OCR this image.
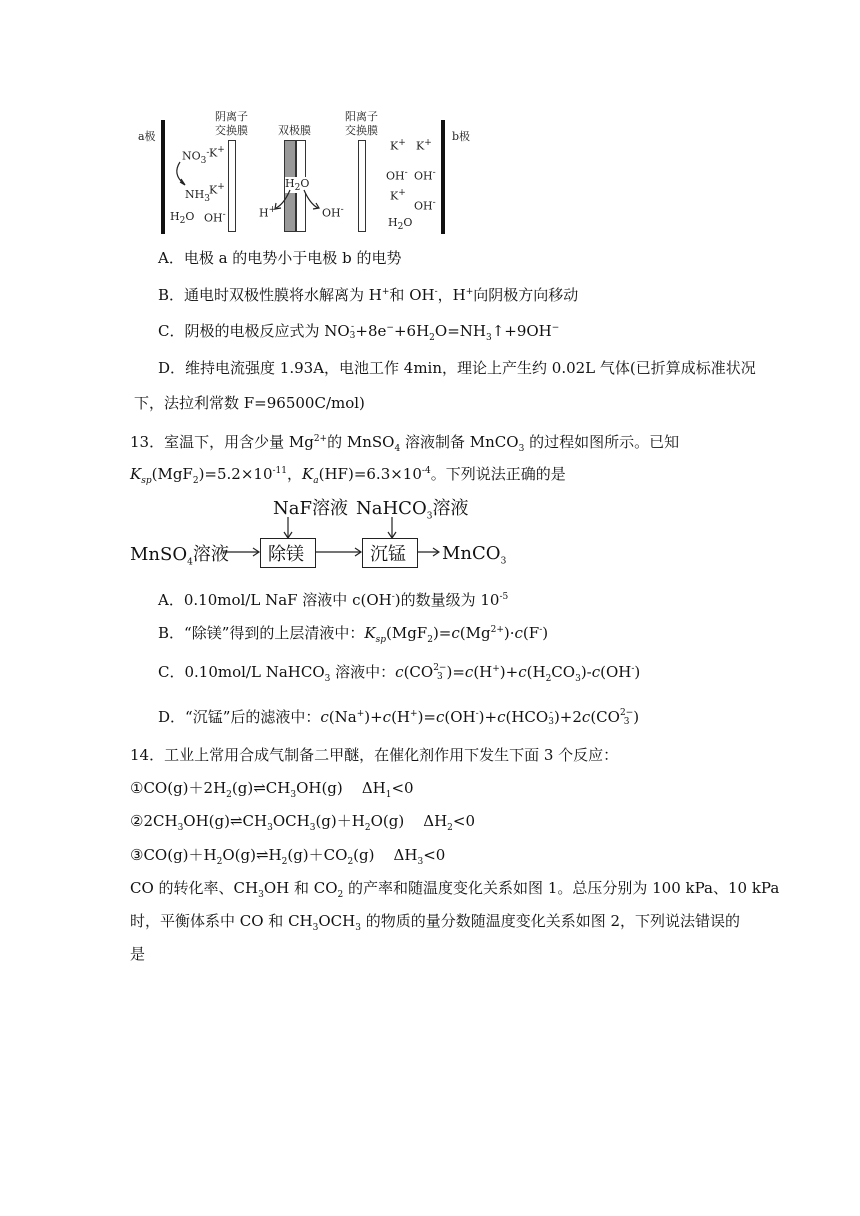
a极	b极
阴离子
交换膜	双极膜
阳离子
交换膜
$NO_3^-$ K+
$NH_3$
K+
$H_2O$ OH-
$H_2O$
H+	OH-
K+ K+
OH- OH-
K+
OH-
$H_2O$
A．电极 a 的电势小于电极 b 的电势
B．通电时双极性膜将水解离为 H+和 OH-，H+向阴极方向移动
C．阴极的电极反应式为 NO-
$3+8e^-+6H_2O=NH_3↑+9OH^-$
D．维持电流强度 1.93A，电池工作 4min，理论上产生约 0.02L 气体(已折算成标准状况
下，法拉利常数 F=96500C/mol)
13．室温下，用含少量 $Mg^{2+}$的 MnSO$_4$ 溶液制备 MnCO$_3$ 的过程如图所示。已知
$K_{sp}(MgF_2)=5.2\times 10^{-11}$，$K_a(HF)=6.3\times 10^{-4}$。下列说法正确的是
NaF溶液 NaHCO$_3$溶液
MnSO$_4$溶液 除镁	沉锰 MnCO$_3$
A．0.10mol/L NaF 溶液中 c(OH-)的数量级为 $10^{-5}$
B．“除镁”得到的上层清液中：$K_{sp}(MgF_2)=c(Mg^{2+})\cdot c(F^-)$
C．0.10mol/L NaHCO$_3$ 溶液中：c(CO2−
3 )$=c(H^+)+c(H_2CO_3)-c(OH^-)$
D．“沉锰”后的滤液中：c(Na+)+c(H+)=c(OH-)+c(HCO-
3)+2c(CO2−
3 )
14．工业上常用合成气制备二甲醚，在催化剂作用下发生下面 3 个反应：
$①CO(g)+2H_2(g)\rightleftharpoons CH_3OH(g)$    $\Delta H_1<0$
$②2CH_3OH(g)\rightleftharpoons CH_3OCH_3(g)+H_2O(g)$    $\Delta H_2<0$
$③CO(g)+H_2O(g)\rightleftharpoons H_2(g)+CO_2(g)$    $\Delta H_3<0$
CO 的转化率、$CH_3OH$ 和 $CO_2$ 的产率和随温度变化关系如图 1。总压分别为 100 kPa、10 kPa
时，平衡体系中 CO 和 $CH_3OCH_3$ 的物质的量分数随温度变化关系如图 2，下列说法错误的
是
